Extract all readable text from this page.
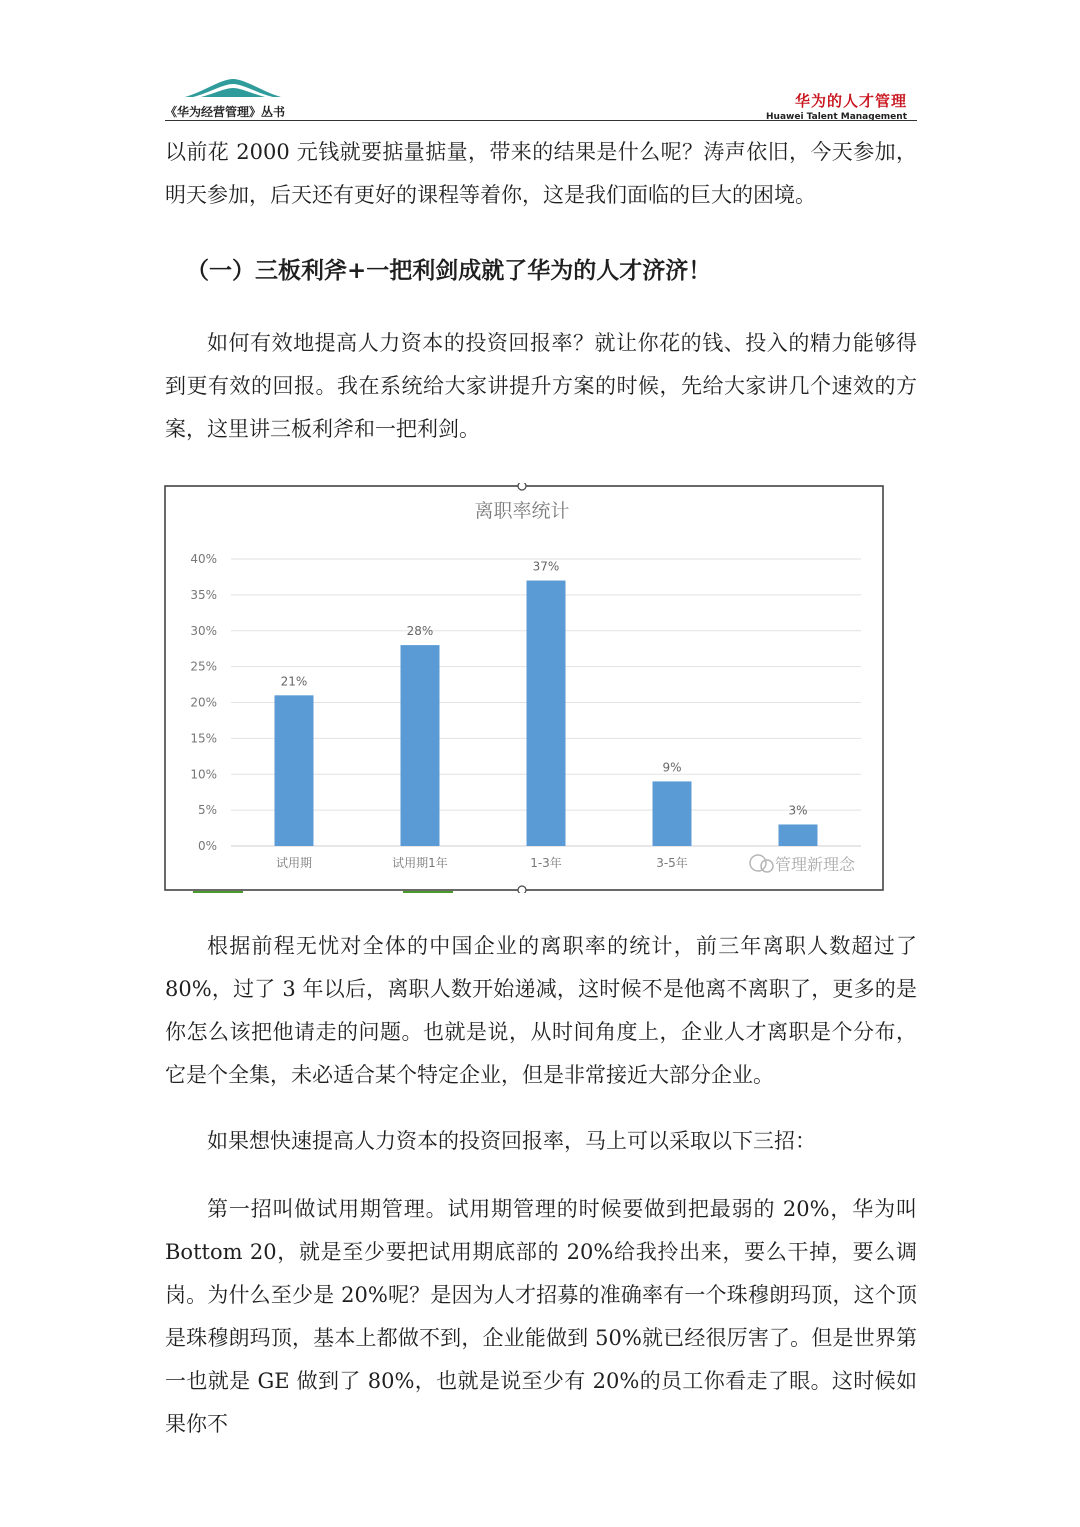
《华为经营管理》丛书
华为的人才管理
Huawei Talent Management

以前花 2000 元钱就要掂量掂量，带来的结果是什么呢？涛声依旧，今天参加，明天参加，后天还有更好的课程等着你，这是我们面临的巨大的困境。

（一）三板利斧+一把利剑成就了华为的人才济济！

如何有效地提高人力资本的投资回报率？就让你花的钱、投入的精力能够得到更有效的回报。我在系统给大家讲提升方案的时候，先给大家讲几个速效的方案，这里讲三板利斧和一把利剑。

离职率统计
0%
5%
10%
15%
20%
25%
30%
35%
40%
21%
试用期
28%
试用期1年
37%
1-3年
9%
3-5年
3%
管理新理念

根据前程无忧对全体的中国企业的离职率的统计，前三年离职人数超过了 80%，过了 3 年以后，离职人数开始递减，这时候不是他离不离职了，更多的是你怎么该把他请走的问题。也就是说，从时间角度上，企业人才离职是个分布，它是个全集，未必适合某个特定企业，但是非常接近大部分企业。

如果想快速提高人力资本的投资回报率，马上可以采取以下三招：

第一招叫做试用期管理。试用期管理的时候要做到把最弱的 20%，华为叫 Bottom 20，就是至少要把试用期底部的 20%给我拎出来，要么干掉，要么调岗。为什么至少是 20%呢？是因为人才招募的准确率有一个珠穆朗玛顶，这个顶是珠穆朗玛顶，基本上都做不到，企业能做到 50%就已经很厉害了。但是世界第一也就是 GE 做到了 80%，也就是说至少有 20%的员工你看走了眼。这时候如果你不
